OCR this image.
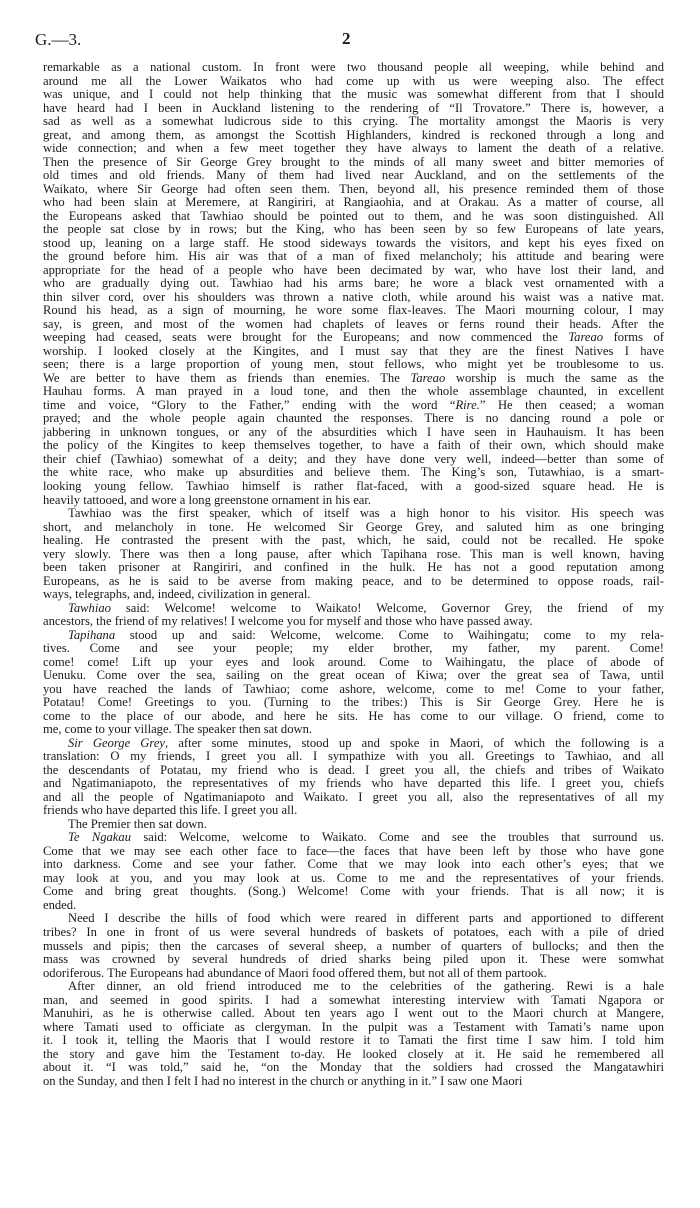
G.—3.	2
remarkable as a national custom. In front were two thousand people all weeping, while behind and
around me all the Lower Waikatos who had come up with us were weeping also. The effect
was unique, and I could not help thinking that the music was somewhat different from that I should
have heard had I been in Auckland listening to the rendering of “Il Trovatore.” There is, however, a
sad as well as a somewhat ludicrous side to this crying. The mortality amongst the Maoris is very
great, and among them, as amongst the Scottish Highlanders, kindred is reckoned through a long and
wide connection; and when a few meet together they have always to lament the death of a relative.
Then the presence of Sir George Grey brought to the minds of all many sweet and bitter memories of
old times and old friends. Many of them had lived near Auckland, and on the settlements of the
Waikato, where Sir George had often seen them. Then, beyond all, his presence reminded them of those
who had been slain at Meremere, at Rangiriri, at Rangiaohia, and at Orakau. As a matter of course, all
the Europeans asked that Tawhiao should be pointed out to them, and he was soon distinguished. All
the people sat close by in rows; but the King, who has been seen by so few Europeans of late years,
stood up, leaning on a large staff. He stood sideways towards the visitors, and kept his eyes fixed on
the ground before him. His air was that of a man of fixed melancholy; his attitude and bearing were
appropriate for the head of a people who have been decimated by war, who have lost their land, and
who are gradually dying out. Tawhiao had his arms bare; he wore a black vest ornamented with a
thin silver cord, over his shoulders was thrown a native cloth, while around his waist was a native mat.
Round his head, as a sign of mourning, he wore some flax-leaves. The Maori mourning colour, I may
say, is green, and most of the women had chaplets of leaves or ferns round their heads. After the
weeping had ceased, seats were brought for the Europeans; and now commenced the Tareao forms of
worship. I looked closely at the Kingites, and I must say that they are the finest Natives I have
seen; there is a large proportion of young men, stout fellows, who might yet be troublesome to us.
We are better to have them as friends than enemies. The Tareao worship is much the same as the
Hauhau forms. A man prayed in a loud tone, and then the whole assemblage chaunted, in excellent
time and voice, “Glory to the Father,” ending with the word “Rire.” He then ceased; a woman
prayed; and the whole people again chaunted the responses. There is no dancing round a pole or
jabbering in unknown tongues, or any of the absurdities which I have seen in Hauhauism. It has been
the policy of the Kingites to keep themselves together, to have a faith of their own, which should make
their chief (Tawhiao) somewhat of a deity; and they have done very well, indeed—better than some of
the white race, who make up absurdities and believe them. The King’s son, Tutawhiao, is a smart-
looking young fellow. Tawhiao himself is rather flat-faced, with a good-sized square head. He is
heavily tattooed, and wore a long greenstone ornament in his ear.
Tawhiao was the first speaker, which of itself was a high honor to his visitor. His speech was
short, and melancholy in tone. He welcomed Sir George Grey, and saluted him as one bringing
healing. He contrasted the present with the past, which, he said, could not be recalled. He spoke
very slowly. There was then a long pause, after which Tapihana rose. This man is well known, having
been taken prisoner at Rangiriri, and confined in the hulk. He has not a good reputation among
Europeans, as he is said to be averse from making peace, and to be determined to oppose roads, rail-
ways, telegraphs, and, indeed, civilization in general.
Tawhiao said: Welcome! welcome to Waikato! Welcome, Governor Grey, the friend of my
ancestors, the friend of my relatives! I welcome you for myself and those who have passed away.
Tapihana stood up and said: Welcome, welcome. Come to Waihingatu; come to my rela-
tives. Come and see your people; my elder brother, my father, my parent. Come!
come! come! Lift up your eyes and look around. Come to Waihingatu, the place of abode of
Uenuku. Come over the sea, sailing on the great ocean of Kiwa; over the great sea of Tawa, until
you have reached the lands of Tawhiao; come ashore, welcome, come to me! Come to your father,
Potatau! Come! Greetings to you. (Turning to the tribes:) This is Sir George Grey. Here he is
come to the place of our abode, and here he sits. He has come to our village. O friend, come to
me, come to your village. The speaker then sat down.
Sir George Grey, after some minutes, stood up and spoke in Maori, of which the following is a
translation: O my friends, I greet you all. I sympathize with you all. Greetings to Tawhiao, and all
the descendants of Potatau, my friend who is dead. I greet you all, the chiefs and tribes of Waikato
and Ngatimaniapoto, the representatives of my friends who have departed this life. I greet you, chiefs
and all the people of Ngatimaniapoto and Waikato. I greet you all, also the representatives of all my
friends who have departed this life. I greet you all.
The Premier then sat down.
Te Ngakau said: Welcome, welcome to Waikato. Come and see the troubles that surround us.
Come that we may see each other face to face—the faces that have been left by those who have gone
into darkness. Come and see your father. Come that we may look into each other’s eyes; that we
may look at you, and you may look at us. Come to me and the representatives of your friends.
Come and bring great thoughts. (Song.) Welcome! Come with your friends. That is all now; it is
ended.
Need I describe the hills of food which were reared in different parts and apportioned to different
tribes? In one in front of us were several hundreds of baskets of potatoes, each with a pile of dried
mussels and pipis; then the carcases of several sheep, a number of quarters of bullocks; and then the
mass was crowned by several hundreds of dried sharks being piled upon it. These were somwhat
odoriferous. The Europeans had abundance of Maori food offered them, but not all of them partook.
After dinner, an old friend introduced me to the celebrities of the gathering. Rewi is a hale
man, and seemed in good spirits. I had a somewhat interesting interview with Tamati Ngapora or
Manuhiri, as he is otherwise called. About ten years ago I went out to the Maori church at Mangere,
where Tamati used to officiate as clergyman. In the pulpit was a Testament with Tamati’s name upon
it. I took it, telling the Maoris that I would restore it to Tamati the first time I saw him. I told him
the story and gave him the Testament to-day. He looked closely at it. He said he remembered all
about it. “I was told,” said he, “on the Monday that the soldiers had crossed the Mangatawhiri
on the Sunday, and then I felt I had no interest in the church or anything in it.” I saw one Maori
